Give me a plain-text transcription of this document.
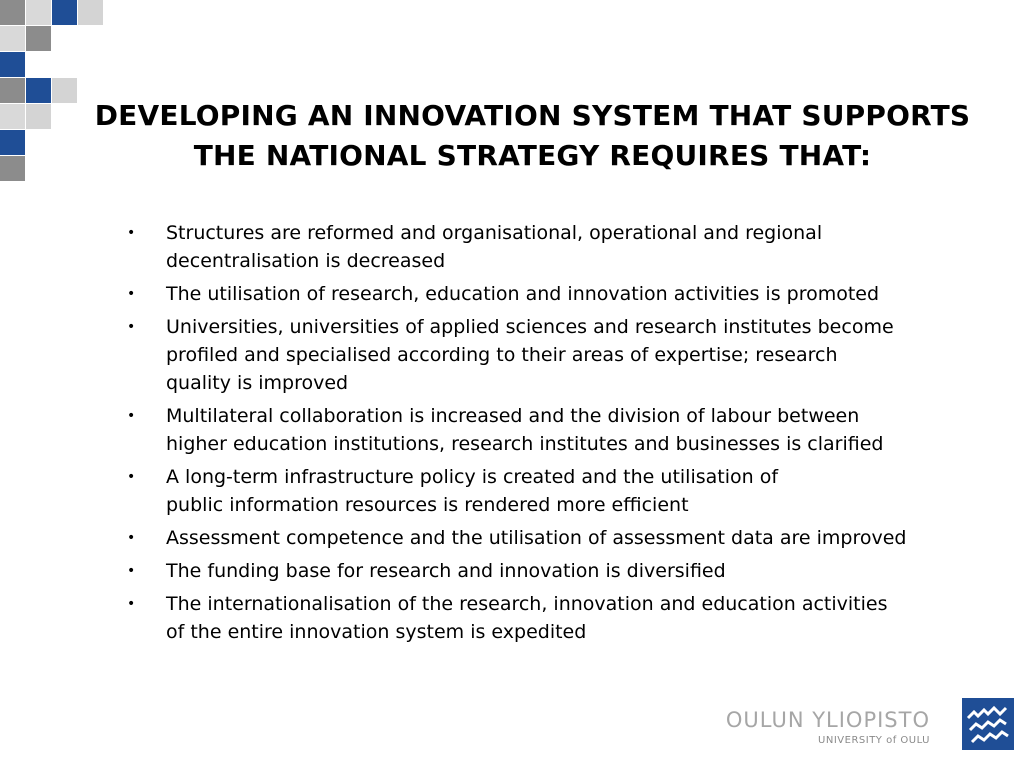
DEVELOPING AN INNOVATION SYSTEM THAT SUPPORTS
THE NATIONAL STRATEGY REQUIRES THAT:
• Structures are reformed and organisational, operational and regional
decentralisation is decreased
• The utilisation of research, education and innovation activities is promoted
• Universities, universities of applied sciences and research institutes become
profiled and specialised according to their areas of expertise; research
quality is improved
• Multilateral collaboration is increased and the division of labour between
higher education institutions, research institutes and businesses is clarified
• A long-term infrastructure policy is created and the utilisation of
public information resources is rendered more efficient
• Assessment competence and the utilisation of assessment data are improved
• The funding base for research and innovation is diversified
• The internationalisation of the research, innovation and education activities
of the entire innovation system is expedited
OULUN YLIOPISTO
UNIVERSITY of OULU
